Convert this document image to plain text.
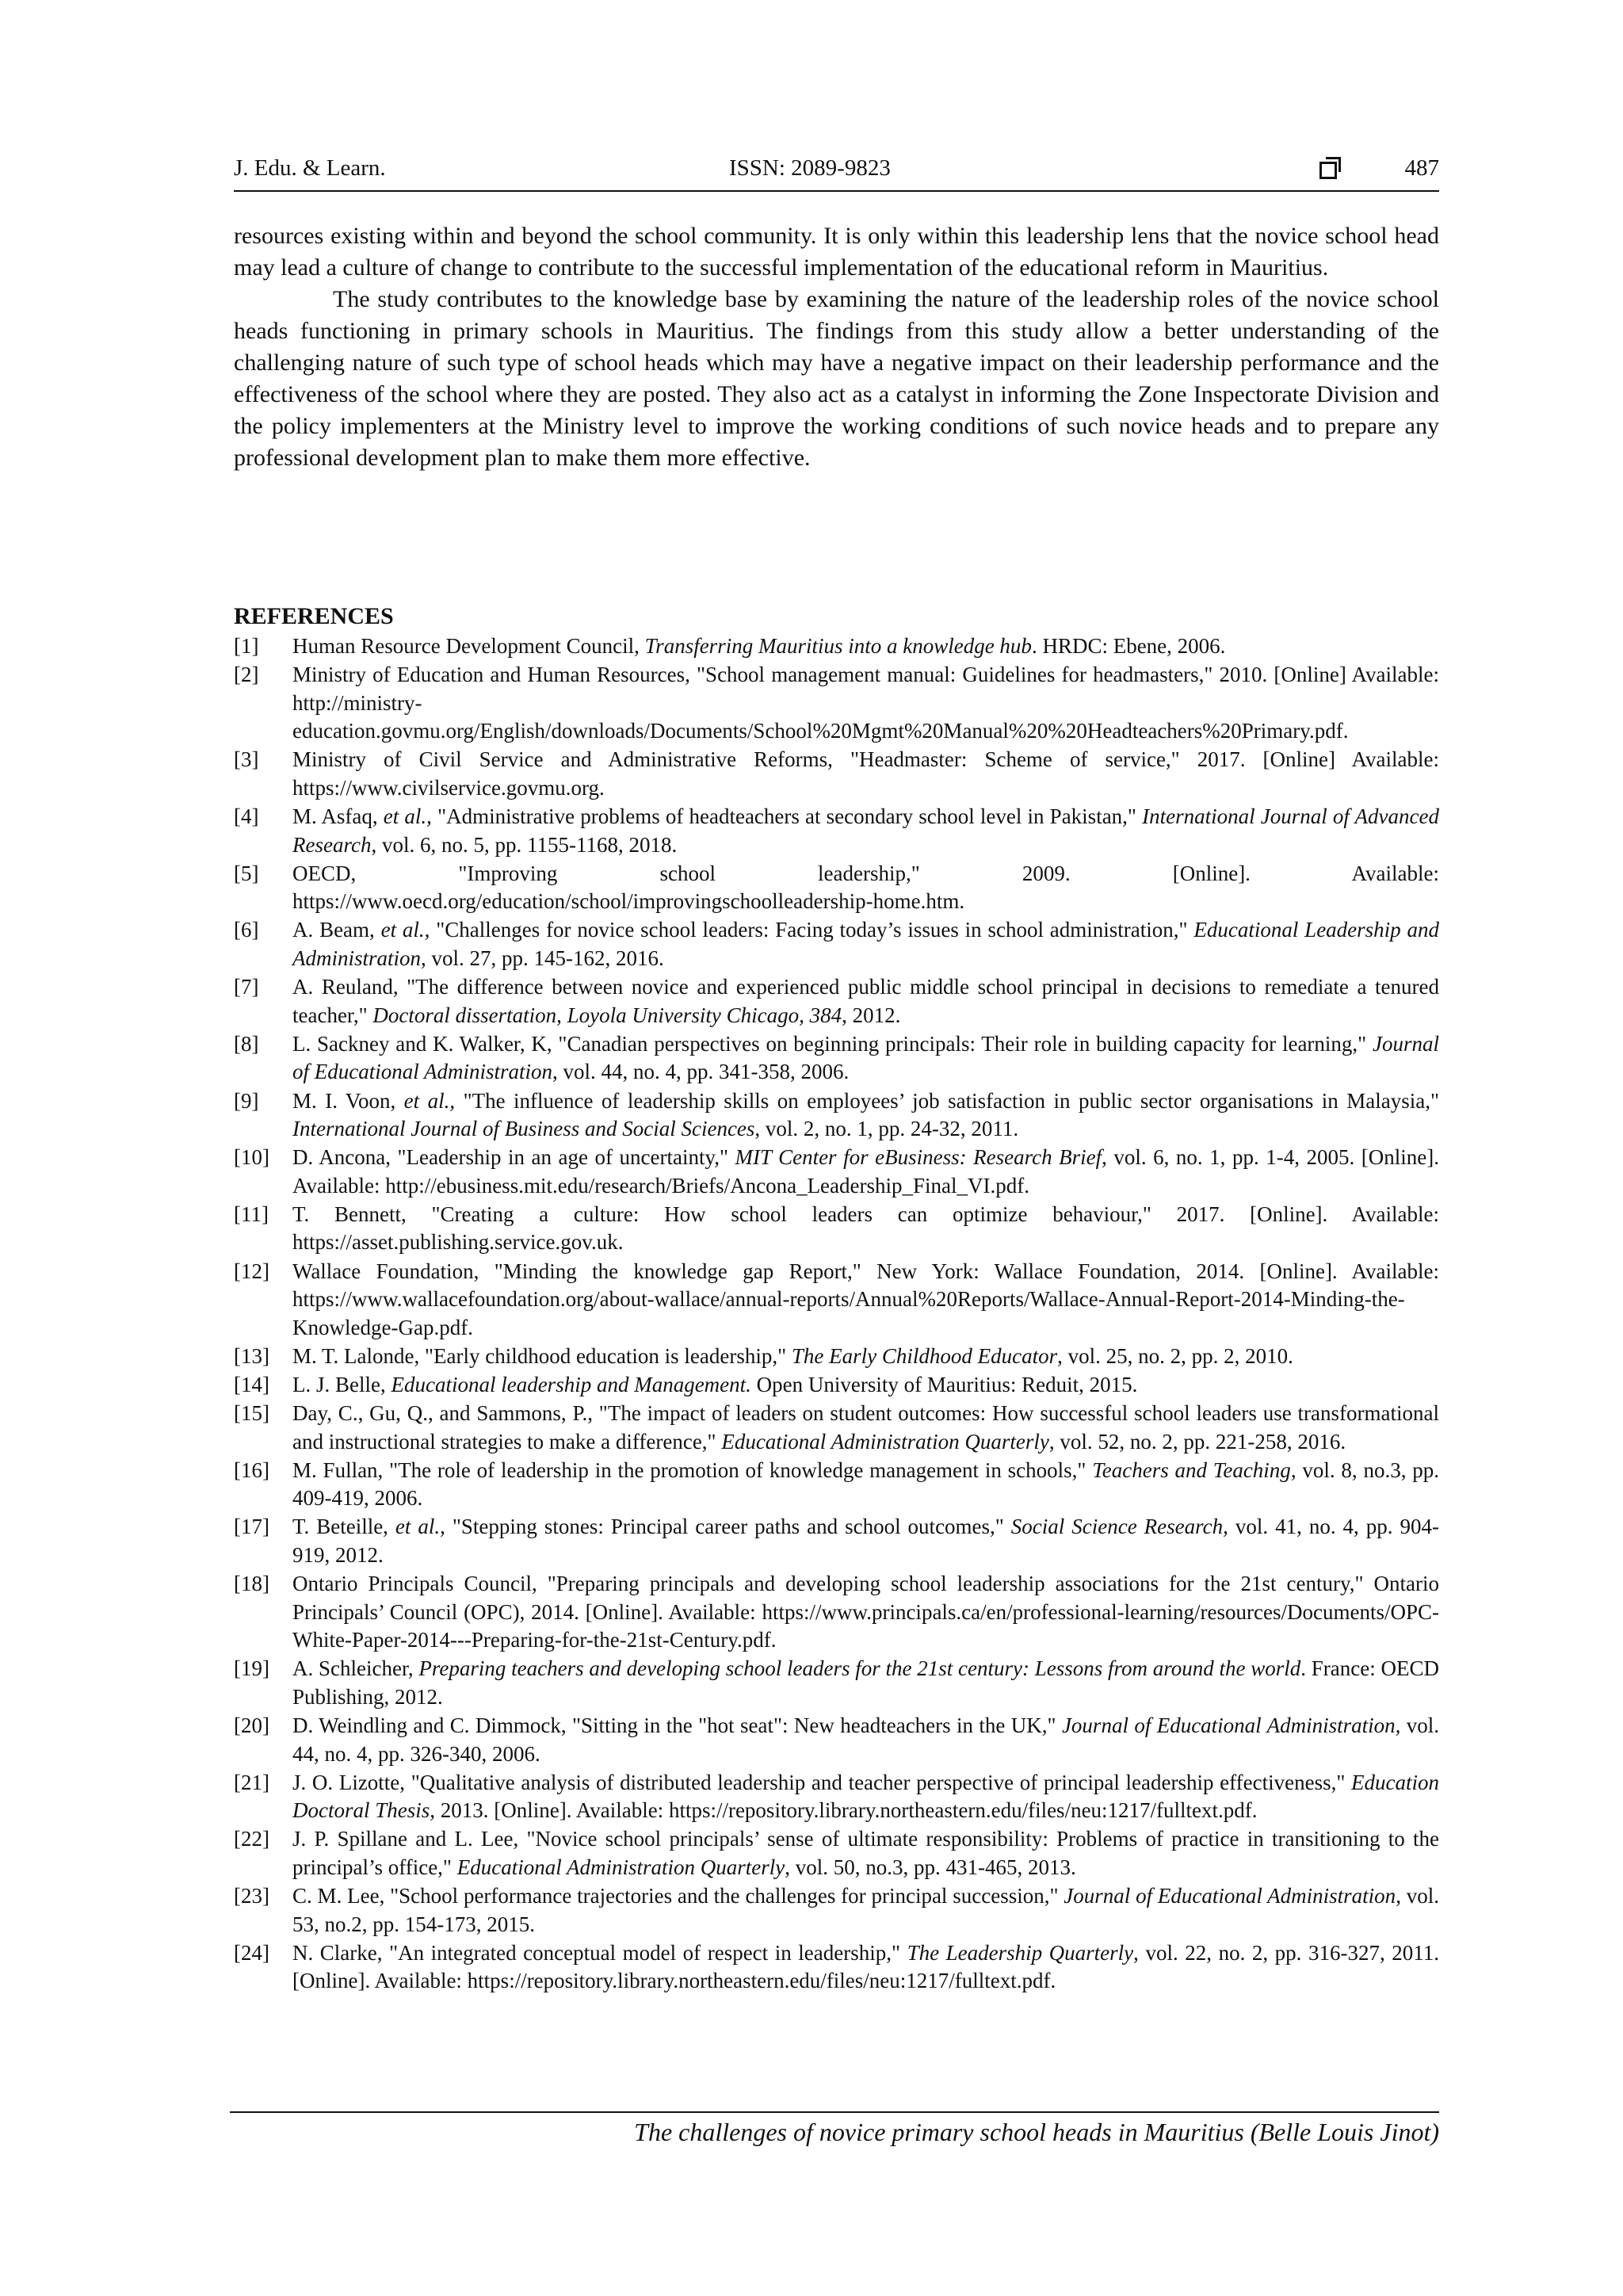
J. Edu. & Learn.	ISSN: 2089-9823	487

resources existing within and beyond the school community. It is only within this leadership lens that the novice school head may lead a culture of change to contribute to the successful implementation of the educational reform in Mauritius.

The study contributes to the knowledge base by examining the nature of the leadership roles of the novice school heads functioning in primary schools in Mauritius. The findings from this study allow a better understanding of the challenging nature of such type of school heads which may have a negative impact on their leadership performance and the effectiveness of the school where they are posted. They also act as a catalyst in informing the Zone Inspectorate Division and the policy implementers at the Ministry level to improve the working conditions of such novice heads and to prepare any professional development plan to make them more effective.

REFERENCES
[1] Human Resource Development Council, Transferring Mauritius into a knowledge hub. HRDC: Ebene, 2006.
[2] Ministry of Education and Human Resources, "School management manual: Guidelines for headmasters," 2010. [Online] Available: http://ministry-education.govmu.org/English/downloads/Documents/School%20Mgmt%20Manual%20%20Headteachers%20Primary.pdf.
[3] Ministry of Civil Service and Administrative Reforms, "Headmaster: Scheme of service," 2017. [Online] Available: https://www.civilservice.govmu.org.
[4] M. Asfaq, et al., "Administrative problems of headteachers at secondary school level in Pakistan," International Journal of Advanced Research, vol. 6, no. 5, pp. 1155-1168, 2018.
[5] OECD, "Improving school leadership," 2009. [Online]. Available: https://www.oecd.org/education/school/improvingschoolleadership-home.htm.
[6] A. Beam, et al., "Challenges for novice school leaders: Facing today’s issues in school administration," Educational Leadership and Administration, vol. 27, pp. 145-162, 2016.
[7] A. Reuland, "The difference between novice and experienced public middle school principal in decisions to remediate a tenured teacher," Doctoral dissertation, Loyola University Chicago, 384, 2012.
[8] L. Sackney and K. Walker, K, "Canadian perspectives on beginning principals: Their role in building capacity for learning," Journal of Educational Administration, vol. 44, no. 4, pp. 341-358, 2006.
[9] M. I. Voon, et al., "The influence of leadership skills on employees’ job satisfaction in public sector organisations in Malaysia," International Journal of Business and Social Sciences, vol. 2, no. 1, pp. 24-32, 2011.
[10] D. Ancona, "Leadership in an age of uncertainty," MIT Center for eBusiness: Research Brief, vol. 6, no. 1, pp. 1-4, 2005. [Online]. Available: http://ebusiness.mit.edu/research/Briefs/Ancona_Leadership_Final_VI.pdf.
[11] T. Bennett, "Creating a culture: How school leaders can optimize behaviour," 2017. [Online]. Available: https://asset.publishing.service.gov.uk.
[12] Wallace Foundation, "Minding the knowledge gap Report," New York: Wallace Foundation, 2014. [Online]. Available: https://www.wallacefoundation.org/about-wallace/annual-reports/Annual%20Reports/Wallace-Annual-Report-2014-Minding-the-Knowledge-Gap.pdf.
[13] M. T. Lalonde, "Early childhood education is leadership," The Early Childhood Educator, vol. 25, no. 2, pp. 2, 2010.
[14] L. J. Belle, Educational leadership and Management. Open University of Mauritius: Reduit, 2015.
[15] Day, C., Gu, Q., and Sammons, P., "The impact of leaders on student outcomes: How successful school leaders use transformational and instructional strategies to make a difference," Educational Administration Quarterly, vol. 52, no. 2, pp. 221-258, 2016.
[16] M. Fullan, "The role of leadership in the promotion of knowledge management in schools," Teachers and Teaching, vol. 8, no.3, pp. 409-419, 2006.
[17] T. Beteille, et al., "Stepping stones: Principal career paths and school outcomes," Social Science Research, vol. 41, no. 4, pp. 904-919, 2012.
[18] Ontario Principals Council, "Preparing principals and developing school leadership associations for the 21st century," Ontario Principals’ Council (OPC), 2014. [Online]. Available: https://www.principals.ca/en/professional-learning/resources/Documents/OPC-White-Paper-2014---Preparing-for-the-21st-Century.pdf.
[19] A. Schleicher, Preparing teachers and developing school leaders for the 21st century: Lessons from around the world. France: OECD Publishing, 2012.
[20] D. Weindling and C. Dimmock, "Sitting in the "hot seat": New headteachers in the UK," Journal of Educational Administration, vol. 44, no. 4, pp. 326-340, 2006.
[21] J. O. Lizotte, "Qualitative analysis of distributed leadership and teacher perspective of principal leadership effectiveness," Education Doctoral Thesis, 2013. [Online]. Available: https://repository.library.northeastern.edu/files/neu:1217/fulltext.pdf.
[22] J. P. Spillane and L. Lee, "Novice school principals’ sense of ultimate responsibility: Problems of practice in transitioning to the principal’s office," Educational Administration Quarterly, vol. 50, no.3, pp. 431-465, 2013.
[23] C. M. Lee, "School performance trajectories and the challenges for principal succession," Journal of Educational Administration, vol. 53, no.2, pp. 154-173, 2015.
[24] N. Clarke, "An integrated conceptual model of respect in leadership," The Leadership Quarterly, vol. 22, no. 2, pp. 316-327, 2011. [Online]. Available: https://repository.library.northeastern.edu/files/neu:1217/fulltext.pdf.
The challenges of novice primary school heads in Mauritius (Belle Louis Jinot)
